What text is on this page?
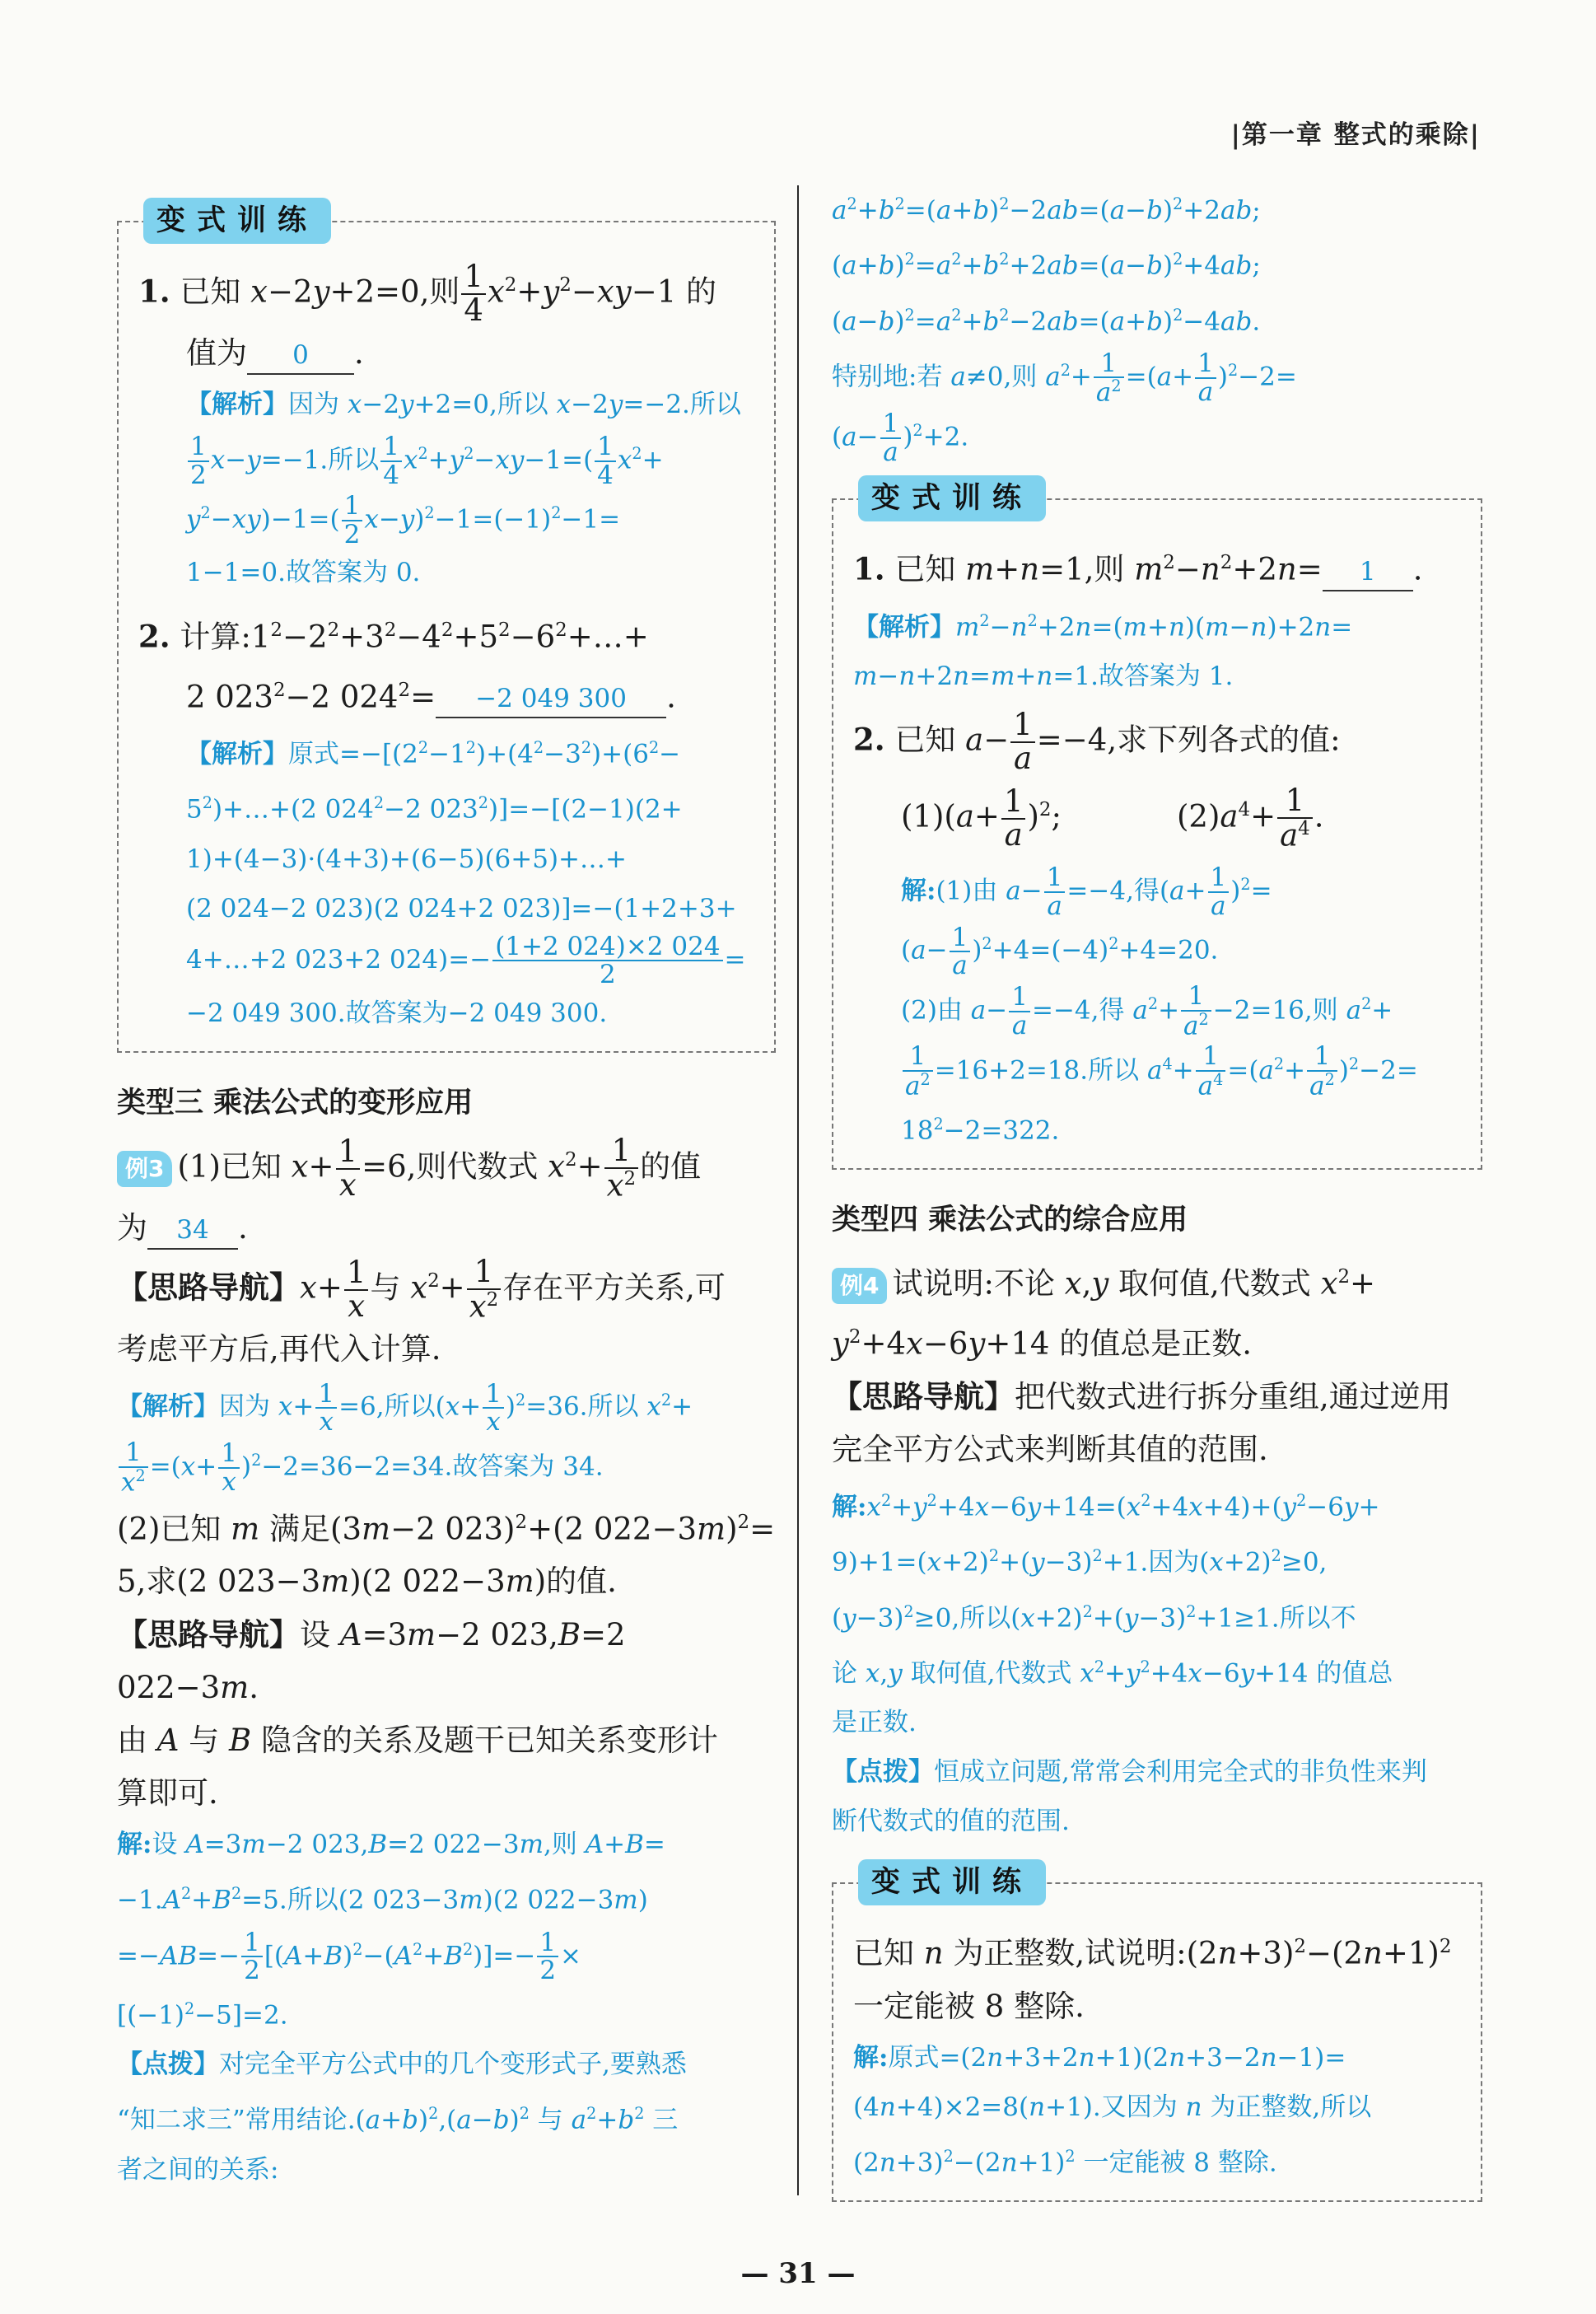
|第一章 整式的乘除|
变式训练
1. 已知 x−2y+2=0,则 $\frac{1}{4} x^2+y^2-xy-1$ 的
值为 0 .
【解析】因为 x−2y+2=0,所以 x−2y=−2.所以

$\frac{1}{2} x-y=-1$.所以 $\frac{1}{4} x^2+y^2-xy-1=( \frac{1}{4} x^2+$
$y^2-xy)-1=( \frac{1}{2} x-y)^2-1=(-1)^2-1=$
1−1=0.故答案为 0.
2. 计算$:1^2-2^2+3^2-4^2+5^2-6^2+\dots+$
2 $023^2-2$ $024^2= -2$ 049 300 .
【解析】原式$=-[(2^2-1^2)+(4^2-3^2)+(6^2-$
$5^2)+\dots+(2$ $024^2-2$ $023^2)]=-[(2-1)(2+$
1)+(4−3)·(4+3)+(6−5)(6+5)+…+
(2 024−2 023)(2 024+2 023)]=−(1+2+3+
4+…+2 023+2 $024)=- \frac{(1+2 024)\times 2 024}{2}$ =
−2 049 300.故答案为−2 049 300.
类型三 乘法公式的变形应用
例3 (1)已知 $x+ \frac{1}{x} =6$,则代数式 $x^2+ \frac{1}{x^2}$ 的值
为 34 .
【思路导航】$x+ \frac{1}{x}$ 与 $x^2+ \frac{1}{x^2}$ 存在平方关系,可
考虑平方后,再代入计算.
【解析】因为 $x+ \frac{1}{x} =6$,所以$(x+ \frac{1}{x} )^2=36$.所以 $x^2+$

$\frac{1}{x^2} =(x+ \frac{1}{x} )^2-2=36-2=34$.故答案为 34.
(2)已知 m 满足(3m−2 023)$^2$+(2 022−3m)$^2$=
5,求(2 023−3m)(2 022−3m)的值.
【思路导航】设 A=3m−2 023,B=2 022−3m.
由 A 与 B 隐含的关系及题干已知关系变形计
算即可.
解:设 A=3m−2 023,B=2 022−3m,则 A+B=
$-1.A^2+B^2=5$.所以(2 023−3m)(2 022−3m)
$=-AB=- \frac{1}{2} [(A+B)^2-(A^2+B^2)]=- \frac{1}{2}$ ×
$[(-1)^2-5]=2$.
【点拨】对完全平方公式中的几个变形式子,要熟悉
“知二求三”常用结论$.(a+b)^2,(a-b)^2$ 与 $a^2+b^2$ 三
者之间的关系:
$a^2+b^2=(a+b)^2-2ab=(a-b)^2+2ab$;
$(a+b)^2=a^2+b^2+2ab=(a-b)^2+4ab$;
$(a-b)^2=a^2+b^2-2ab=(a+b)^2-4ab$.
特别地:若 a≠0,则 $a^2+ \frac{1}{a^2} =(a+ \frac{1}{a} )^2-2=$
$(a- \frac{1}{a} )^2+2$.
变式训练
1. 已知 m+n=1,则 $m^2-n^2+2n= 1$ .
【解析】$m^2-n^2+2n=(m+n)(m-n)+2n=$
m−n+2n=m+n=1.故答案为 1.
2. 已知 $a- \frac{1}{a} =-4$,求下列各式的值:
$(1)(a+ \frac{1}{a} )^2$;	$(2)a^4+ \frac{1}{a^4}$ .
解:(1)由 $a- \frac{1}{a} =-4$,得$(a+ \frac{1}{a} )^2=$
$(a- \frac{1}{a} )^2+4=(-4)^2+4=20$.
(2)由 $a- \frac{1}{a} =-4$,得 $a^2+ \frac{1}{a^2} -2=16$,则 $a^2+$

$\frac{1}{a^2} =16+2=18$.所以 $a^4+ \frac{1}{a^4} =(a^2+ \frac{1}{a^2} )^2-2=$
$18^2-2=322$.
类型四 乘法公式的综合应用
例4 试说明:不论 x,y 取何值,代数式 $x^2+$
$y^2+4x-6y+14$ 的值总是正数.
【思路导航】把代数式进行拆分重组,通过逆用
完全平方公式来判断其值的范围.
解$:x^2+y^2+4x-6y+14=(x^2+4x+4)+(y^2-6y+$
$9)+1=(x+2)^2+(y-3)^2+1$.因为$(x+2)^2\ge 0$,
$(y-3)^2\ge 0$,所以$(x+2)^2+(y-3)^2+1\ge 1$.所以不
论 x,y 取何值,代数式 $x^2+y^2+4x-6y+14$ 的值总
是正数.
【点拨】恒成立问题,常常会利用完全式的非负性来判
断代数式的值的范围.
变式训练
已知 n 为正整数,试说明$:(2n+3)^2-(2n+1)^2$
一定能被 8 整除.
解:原式=(2n+3+2n+1)(2n+3−2n−1)=
(4n+4)×2=8(n+1).又因为 n 为正整数,所以
$(2n+3)^2-(2n+1)^2$ 一定能被 8 整除.
— 31 —
